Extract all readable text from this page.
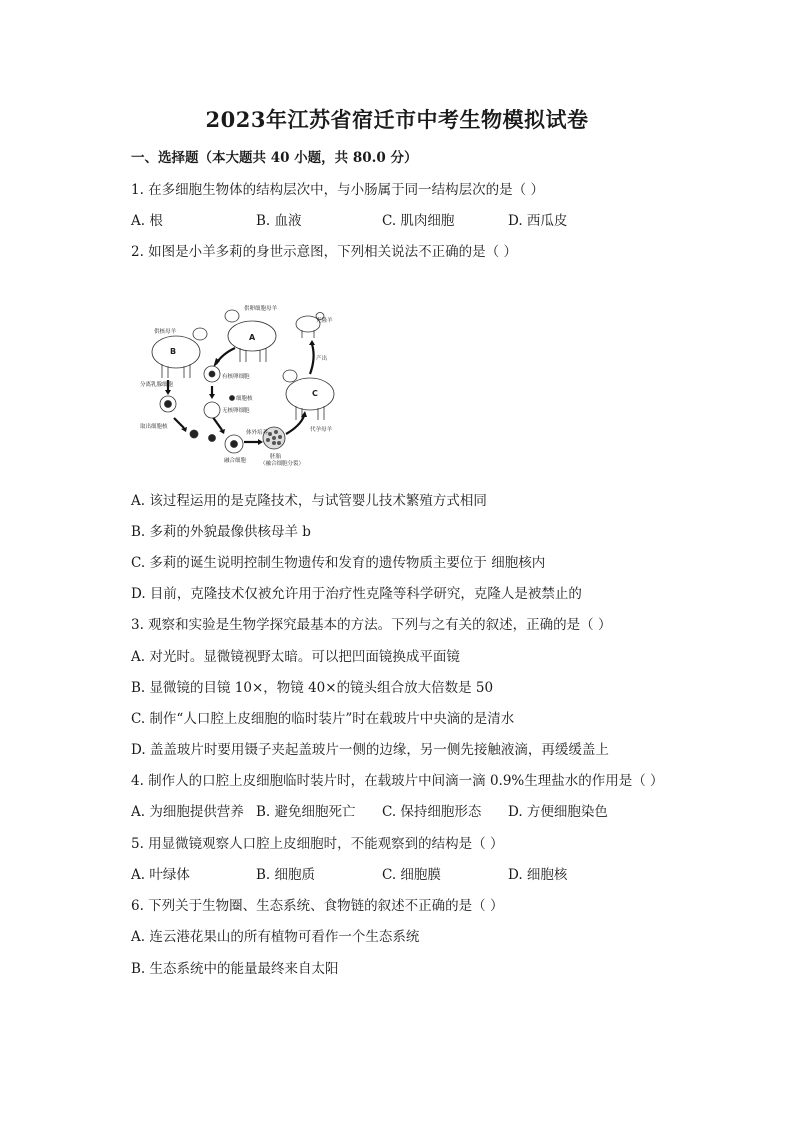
2023年江苏省宿迁市中考生物模拟试卷
一、选择题（本大题共 40 小题，共 80.0 分）
1. 在多细胞生物体的结构层次中，与小肠属于同一结构层次的是（ ）
A. 根	B. 血液	C. 肌肉细胞	D. 西瓜皮
2. 如图是小羊多莉的身世示意图，下列相关说法不正确的是（ ）
A
供卵细胞母羊
B
供核母羊
克隆羊
C
代孕母羊
产出
有核卵细胞
细胞核
无核卵细胞
分离乳腺细胞
取出细胞核
融合细胞
体外培养
胚胎
（融合细胞分裂）
A. 该过程运用的是克隆技术，与试管婴儿技术繁殖方式相同
B. 多莉的外貌最像供核母羊 b
C. 多莉的诞生说明控制生物遗传和发育的遗传物质主要位于 细胞核内
D. 目前，克隆技术仅被允许用于治疗性克隆等科学研究，克隆人是被禁止的
3. 观察和实验是生物学探究最基本的方法。下列与之有关的叙述，正确的是（ ）
A. 对光时。显微镜视野太暗。可以把凹面镜换成平面镜
B. 显微镜的目镜 10×，物镜 40×的镜头组合放大倍数是 50
C. 制作“人口腔上皮细胞的临时装片”时在载玻片中央滴的是清水
D. 盖盖玻片时要用镊子夹起盖玻片一侧的边缘，另一侧先接触液滴，再缓缓盖上
4. 制作人的口腔上皮细胞临时装片时，在载玻片中间滴一滴 0.9%生理盐水的作用是（ ）
A. 为细胞提供营养 B. 避免细胞死亡 C. 保持细胞形态 D. 方便细胞染色
5. 用显微镜观察人口腔上皮细胞时，不能观察到的结构是（ ）
A. 叶绿体	B. 细胞质	C. 细胞膜	D. 细胞核
6. 下列关于生物圈、生态系统、食物链的叙述不正确的是（ ）
A. 连云港花果山的所有植物可看作一个生态系统
B. 生态系统中的能量最终来自太阳
